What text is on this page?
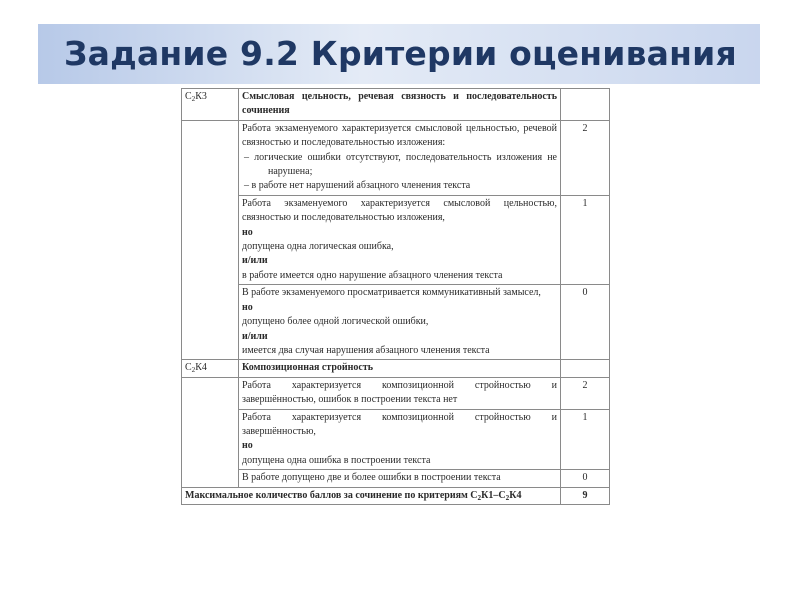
Задание 9.2 Критерии оценивания
$С_2К3$	Смысловая цельность, речевая связность и последовательность сочинения	
	Работа экзаменуемого характеризуется смысловой цельностью, речевой связностью и последовательностью изложения:
– логические ошибки отсутствуют, последовательность изложения не нарушена;
– в работе нет нарушений абзацного членения текста	2

	Работа экзаменуемого характеризуется смысловой цельностью, связностью и последовательностью изложения,
но
допущена одна логическая ошибка,
и/или
в работе имеется одно нарушение абзацного членения текста	1

	В работе экзаменуемого просматривается коммуникативный замысел,
но
допущено более одной логической ошибки,
и/или
имеется два случая нарушения абзацного членения текста	0
$С_2К4$	Композиционная стройность	
	Работа характеризуется композиционной стройностью и завершённостью, ошибок в построении текста нет	2

	Работа характеризуется композиционной стройностью и завершённостью,
но
допущена одна ошибка в построении текста	1
	В работе допущено две и более ошибки в построении текста	0
Максимальное количество баллов за сочинение по критериям $С_2К1-С_2К4$		9
